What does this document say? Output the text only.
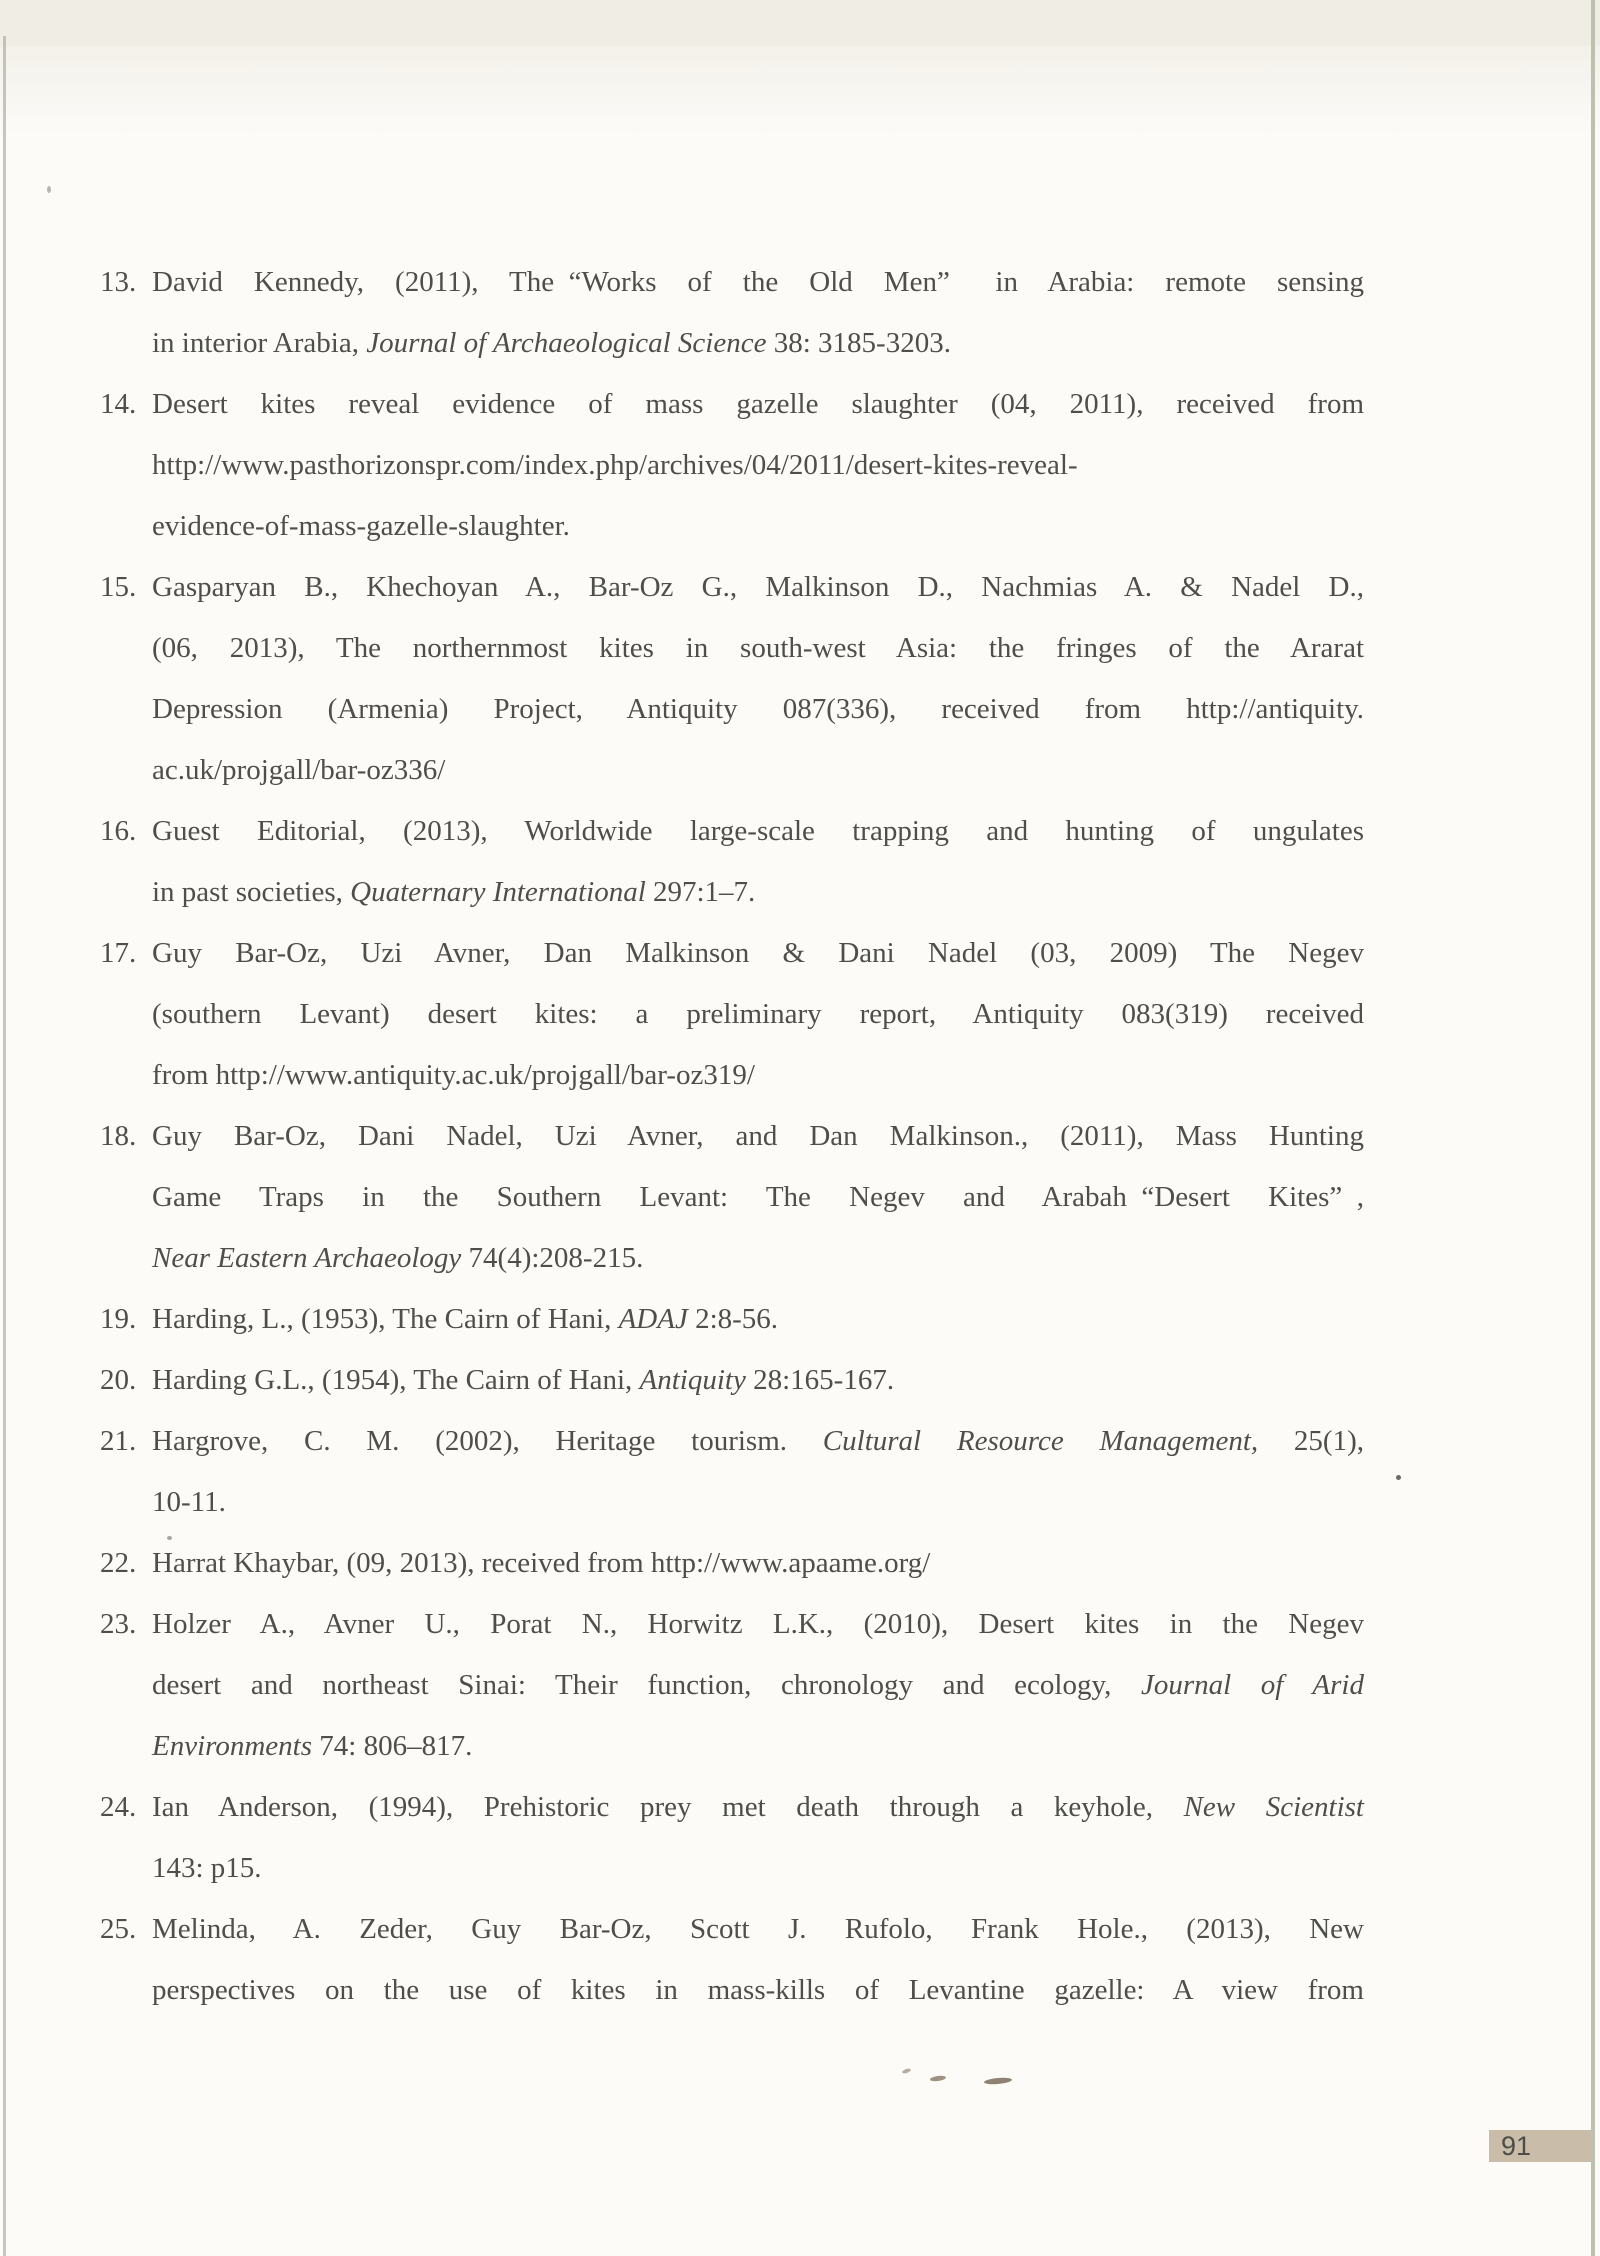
13. David Kennedy, (2011), The “Works of the Old Men”  in Arabia: remote sensing
in interior Arabia, Journal of Archaeological Science 38: 3185-3203.
14. Desert kites reveal evidence of mass gazelle slaughter (04, 2011), received from
http://www.pasthorizonspr.com/index.php/archives/04/2011/desert-kites-reveal-
evidence-of-mass-gazelle-slaughter.
15. Gasparyan B., Khechoyan A., Bar-Oz G., Malkinson D., Nachmias A. & Nadel D.,
(06, 2013), The northernmost kites in south-west Asia: the fringes of the Ararat
Depression (Armenia) Project, Antiquity 087(336), received from http://antiquity.
ac.uk/projgall/bar-oz336/
16. Guest Editorial, (2013), Worldwide large-scale trapping and hunting of ungulates
in past societies, Quaternary International 297:1–7.
17. Guy Bar-Oz, Uzi Avner, Dan Malkinson & Dani Nadel (03, 2009) The Negev
(southern Levant) desert kites: a preliminary report, Antiquity 083(319) received
from http://www.antiquity.ac.uk/projgall/bar-oz319/
18. Guy Bar-Oz, Dani Nadel, Uzi Avner, and Dan Malkinson., (2011), Mass Hunting
Game Traps in the Southern Levant: The Negev and Arabah “Desert Kites” ,
Near Eastern Archaeology 74(4):208-215.
19. Harding, L., (1953), The Cairn of Hani, ADAJ 2:8-56.
20. Harding G.L., (1954), The Cairn of Hani, Antiquity 28:165-167.
21. Hargrove, C. M. (2002), Heritage tourism. Cultural Resource Management, 25(1),
10-11.
22. Harrat Khaybar, (09, 2013), received from http://www.apaame.org/
23. Holzer A., Avner U., Porat N., Horwitz L.K., (2010), Desert kites in the Negev
desert and northeast Sinai: Their function, chronology and ecology, Journal of Arid
Environments 74: 806–817.
24. Ian Anderson, (1994), Prehistoric prey met death through a keyhole, New Scientist
143: p15.
25. Melinda, A. Zeder, Guy Bar-Oz, Scott J. Rufolo, Frank Hole., (2013), New
perspectives on the use of kites in mass-kills of Levantine gazelle: A view from
91
